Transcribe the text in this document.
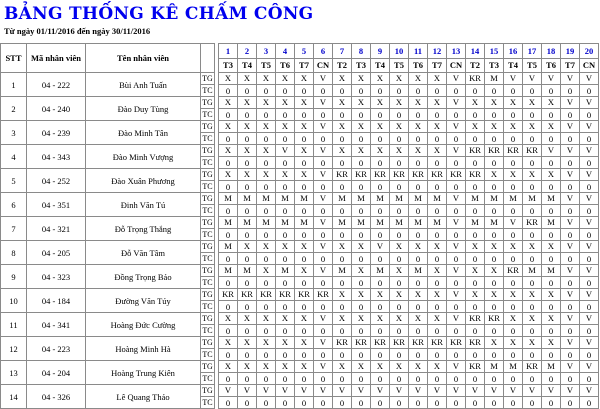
BẢNG THỐNG KÊ CHẤM CÔNG
Từ ngày 01/11/2016 đến ngày 30/11/2016
STT	Mã nhân viên	Tên nhân viên			1	2	3	4	5	6	7	8	9	10	11	12	13	14	15	16	17	18	19	20
					T3	T4	T5	T6	T7	CN	T2	T3	T4	T5	T6	T7	CN	T2	T3	T4	T5	T6	T7	CN
1	04 - 222	Bùi Anh Tuấn	TG		X	X	X	X	X	V	X	X	X	X	X	X	V	KR	M	V	V	V	V	V
			TC		0	0	0	0	0	0	0	0	0	0	0	0	0	0	0	0	0	0	0	0
2	04 - 240	Đào Duy Tùng	TG		X	X	X	X	X	V	X	X	X	X	X	X	V	X	X	X	X	X	V	V
			TC		0	0	0	0	0	0	0	0	0	0	0	0	0	0	0	0	0	0	0	0
3	04 - 239	Đào Minh Tân	TG		X	X	X	X	X	V	X	X	X	X	X	X	V	X	X	X	X	X	V	V
			TC		0	0	0	0	0	0	0	0	0	0	0	0	0	0	0	0	0	0	0	0
4	04 - 343	Đào Minh Vượng	TG		X	X	X	V	X	V	X	X	X	X	X	X	V	KR	KR	KR	KR	V	V	V
			TC		0	0	0	0	0	0	0	0	0	0	0	0	0	0	0	0	0	0	0	0
5	04 - 252	Đào Xuân Phương	TG		X	X	X	X	X	V	KR	KR	KR	KR	KR	KR	KR	KR	X	X	X	X	V	V
			TC		0	0	0	0	0	0	0	0	0	0	0	0	0	0	0	0	0	0	0	0
6	04 - 351	Đinh Văn Tú	TG		M	M	M	M	M	V	M	M	M	M	M	M	V	M	M	M	M	M	V	V
			TC		0	0	0	0	0	0	0	0	0	0	0	0	0	0	0	0	0	0	0	0
7	04 - 321	Đỗ Trọng Thắng	TG		M	M	M	M	M	V	M	M	M	M	M	M	V	M	M	V	KR	M	V	V
			TC		0	0	0	0	0	0	0	0	0	0	0	0	0	0	0	0	0	0	0	0
8	04 - 205	Đỗ Văn Tâm	TG		M	X	X	X	X	V	X	X	V	X	X	X	V	X	X	X	X	X	V	V
			TC		0	0	0	0	0	0	0	0	0	0	0	0	0	0	0	0	0	0	0	0
9	04 - 323	Đồng Trọng Bảo	TG		M	M	X	M	X	V	M	X	M	X	M	X	V	X	X	KR	M	M	V	V
			TC		0	0	0	0	0	0	0	0	0	0	0	0	0	0	0	0	0	0	0	0
10	04 - 184	Đường Văn Túy	TG		KR	KR	KR	KR	KR	KR	X	X	X	X	X	X	V	X	X	X	X	X	V	V
			TC		0	0	0	0	0	0	0	0	0	0	0	0	0	0	0	0	0	0	0	0
11	04 - 341	Hoàng Đức Cường	TG		X	X	X	X	X	V	X	X	X	X	X	X	V	KR	KR	X	X	X	V	V
			TC		0	0	0	0	0	0	0	0	0	0	0	0	0	0	0	0	0	0	0	0
12	04 - 223	Hoàng Minh Hà	TG		X	X	X	X	X	V	KR	KR	KR	KR	KR	KR	KR	KR	X	X	X	X	V	V
			TC		0	0	0	0	0	0	0	0	0	0	0	0	0	0	0	0	0	0	0	0
13	04 - 204	Hoàng Trung Kiên	TG		X	X	X	X	X	V	X	X	X	X	X	X	V	KR	M	M	KR	M	V	V
			TC		0	0	0	0	0	0	0	0	0	0	0	0	0	0	0	0	0	0	0	0
14	04 - 326	Lê Quang Thảo	TG		V	V	V	V	V	V	V	V	V	V	V	V	V	V	V	V	V	V	V	V
			TC		0	0	0	0	0	0	0	0	0	0	0	0	0	0	0	0	0	0	0	0
